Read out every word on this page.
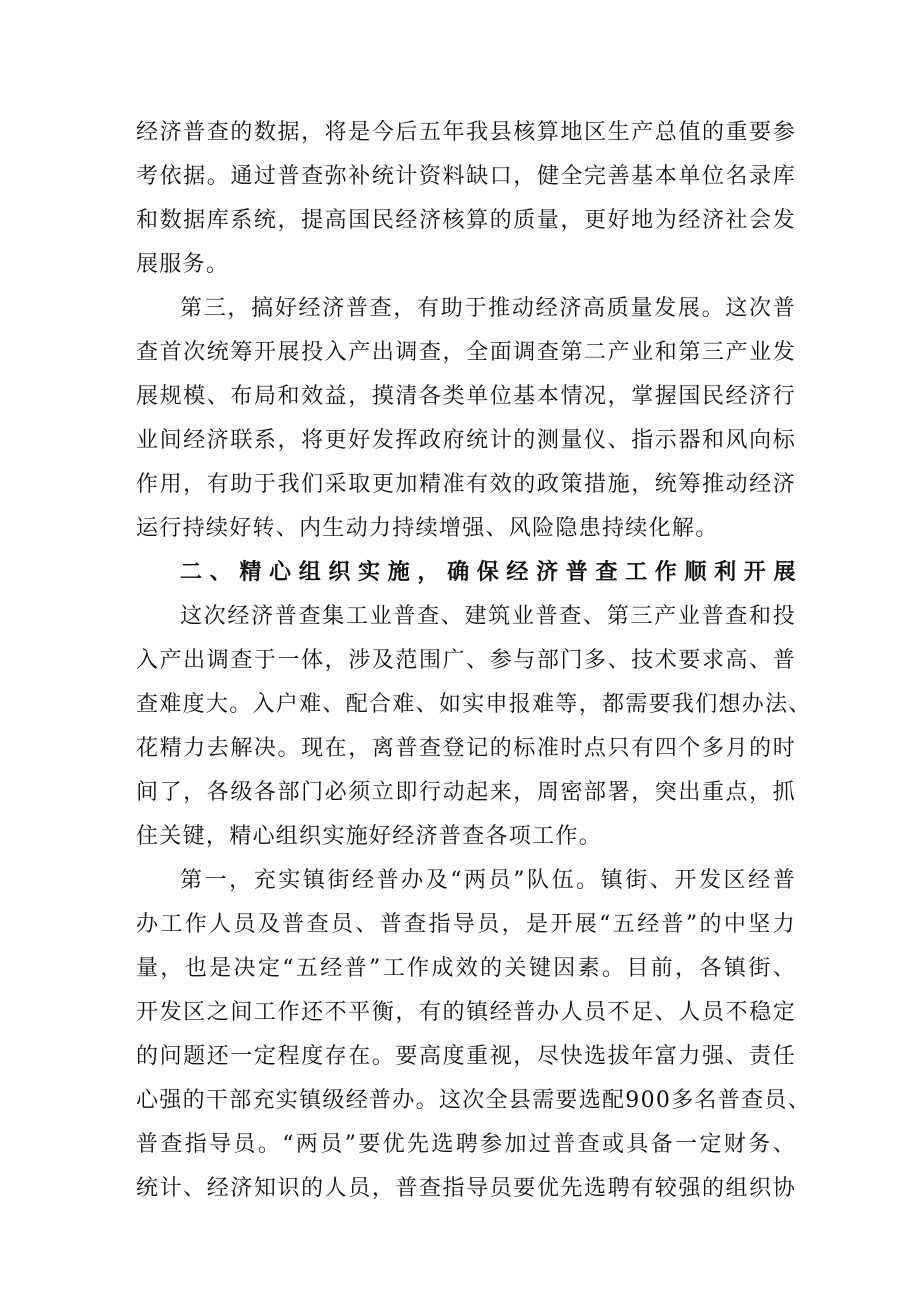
经济普查的数据，将是今后五年我县核算地区生产总值的重要参
考依据。通过普查弥补统计资料缺口，健全完善基本单位名录库
和数据库系统，提高国民经济核算的质量，更好地为经济社会发
展服务。
第三，搞好经济普查，有助于推动经济高质量发展。这次普
查首次统筹开展投入产出调查，全面调查第二产业和第三产业发
展规模、布局和效益，摸清各类单位基本情况，掌握国民经济行
业间经济联系，将更好发挥政府统计的测量仪、指示器和风向标
作用，有助于我们采取更加精准有效的政策措施，统筹推动经济
运行持续好转、内生动力持续增强、风险隐患持续化解。
二、精心组织实施，确保经济普查工作顺利开展
这次经济普查集工业普查、建筑业普查、第三产业普查和投
入产出调查于一体，涉及范围广、参与部门多、技术要求高、普
查难度大。入户难、配合难、如实申报难等，都需要我们想办法、
花精力去解决。现在，离普查登记的标准时点只有四个多月的时
间了，各级各部门必须立即行动起来，周密部署，突出重点，抓
住关键，精心组织实施好经济普查各项工作。
第一，充实镇街经普办及“两员”队伍。镇街、开发区经普
办工作人员及普查员、普查指导员，是开展“五经普”的中坚力
量，也是决定“五经普”工作成效的关键因素。目前，各镇街、
开发区之间工作还不平衡，有的镇经普办人员不足、人员不稳定
的问题还一定程度存在。要高度重视，尽快选拔年富力强、责任
心强的干部充实镇级经普办。这次全县需要选配900多名普查员、
普查指导员。“两员”要优先选聘参加过普查或具备一定财务、
统计、经济知识的人员，普查指导员要优先选聘有较强的组织协
